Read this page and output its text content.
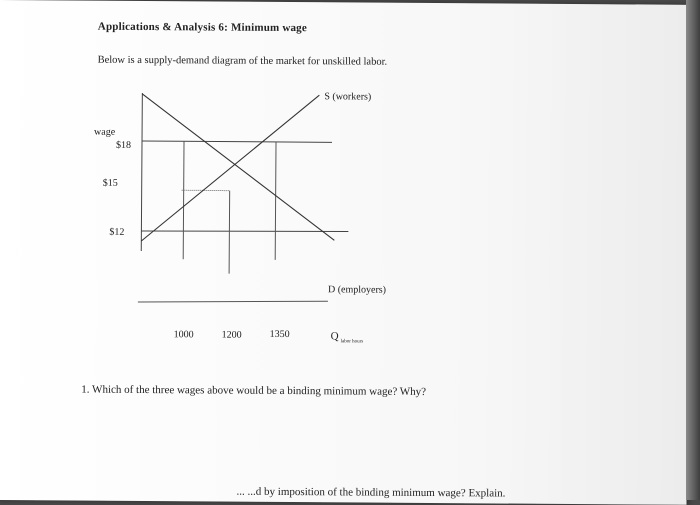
Applications & Analysis 6: Minimum wage
Below is a supply-demand diagram of the market for unskilled labor.
wage
$18
$15
$12
S (workers)
D (employers)
1000	1200	1350	Q labor hours
1. Which of the three wages above would be a binding minimum wage? Why?
... ...d by imposition of the binding minimum wage? Explain.
